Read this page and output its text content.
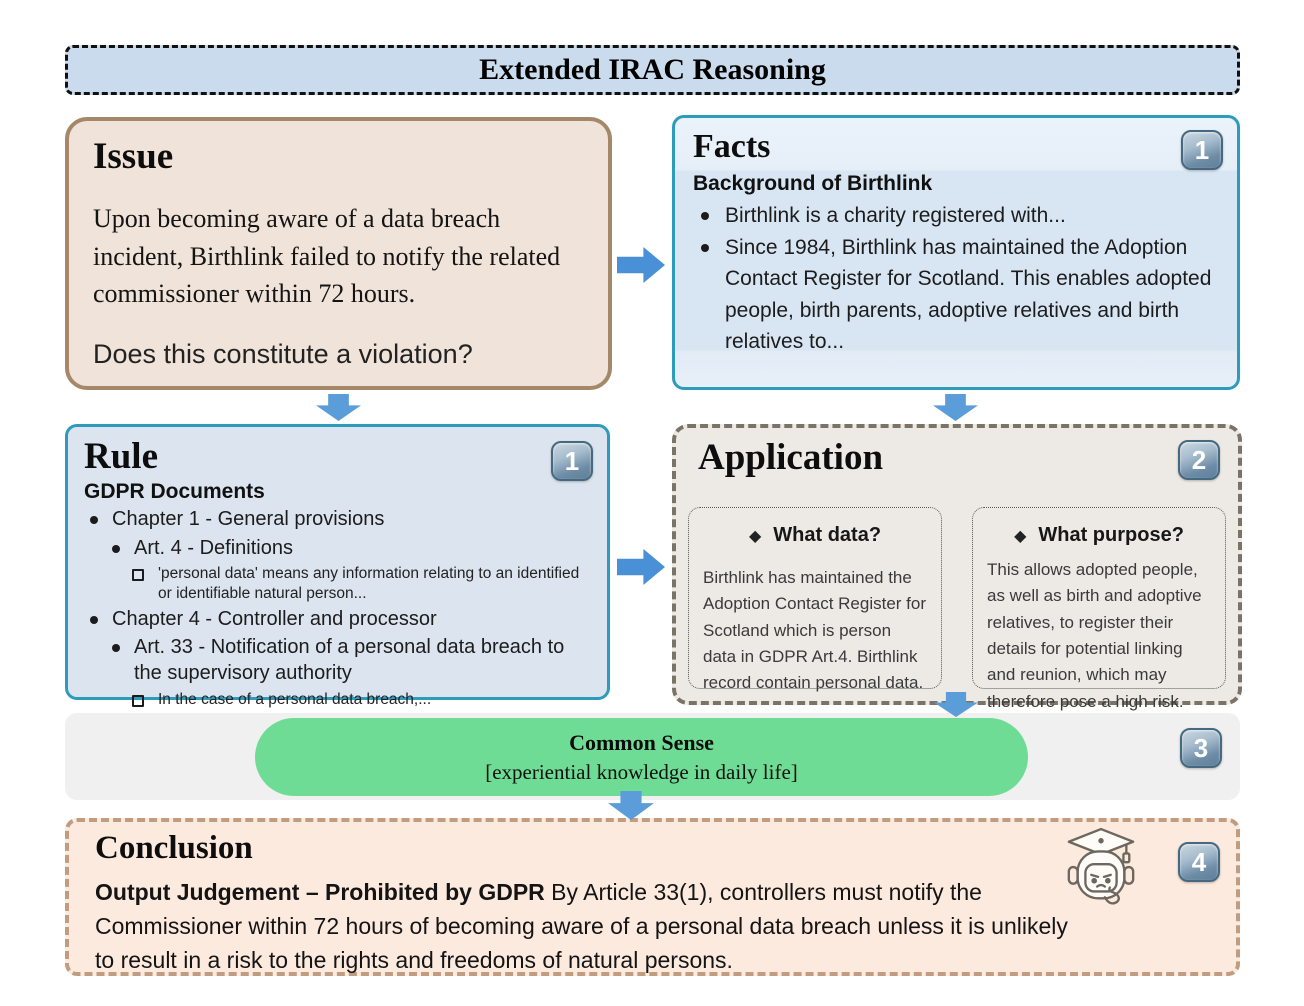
Extended IRAC Reasoning
Issue
Upon becoming aware of a data breach incident, Birthlink failed to notify the related commissioner within 72 hours.
Does this constitute a violation?
Facts	1
Background of Birthlink
Birthlink is a charity registered with...
Since 1984, Birthlink has maintained the Adoption Contact Register for Scotland. This enables adopted people, birth parents, adoptive relatives and birth relatives to...
Rule	1
GDPR Documents
Chapter 1 - General provisions
Art. 4 - Definitions
'personal data' means any information relating to an identified or identifiable natural person...
Chapter 4 - Controller and processor
Art. 33 - Notification of a personal data breach to the supervisory authority
In the case of a personal data breach,...
Application	2
◆ What data?
Birthlink has maintained the Adoption Contact Register for Scotland which is person data in GDPR Art.4. Birthlink record contain personal data.
◆ What purpose?
This allows adopted people, as well as birth and adoptive relatives, to register their details for potential linking and reunion, which may therefore pose a high risk.
Common Sense
[experiential knowledge in daily life]
3
Conclusion
Output Judgement – Prohibited by GDPR By Article 33(1), controllers must notify the Commissioner within 72 hours of becoming aware of a personal data breach unless it is unlikely to result in a risk to the rights and freedoms of natural persons.
4
